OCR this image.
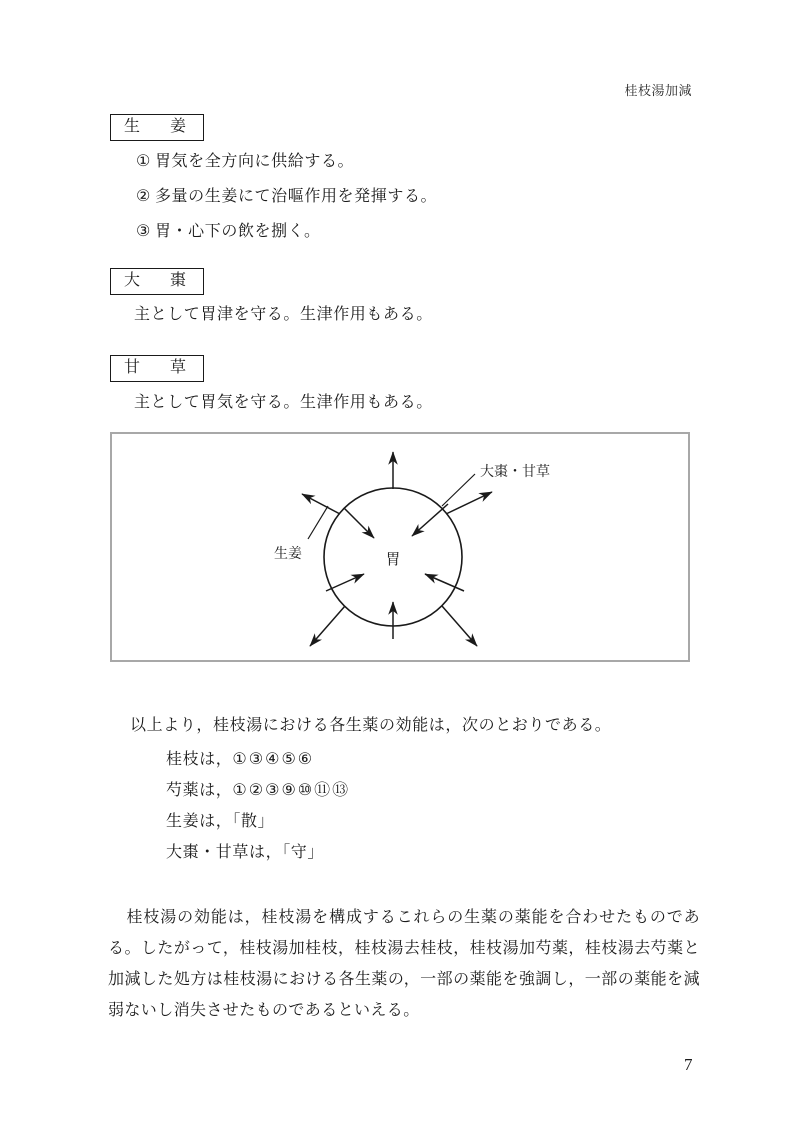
桂枝湯加減
生　姜
① 胃気を全方向に供給する。
② 多量の生姜にて治嘔作用を発揮する。
③ 胃・心下の飲を捌く。
大　棗
主として胃津を守る。生津作用もある。
甘　草
主として胃気を守る。生津作用もある。
胃
生姜
大棗・甘草
以上より，桂枝湯における各生薬の効能は，次のとおりである。
桂枝は，①③④⑤⑥
芍薬は，①②③⑨⑩⑪⑬
生姜は，「散」
大棗・甘草は，「守」
桂枝湯の効能は，桂枝湯を構成するこれらの生薬の薬能を合わせたものである。したがって，桂枝湯加桂枝，桂枝湯去桂枝，桂枝湯加芍薬，桂枝湯去芍薬と加減した処方は桂枝湯における各生薬の，一部の薬能を強調し，一部の薬能を減弱ないし消失させたものであるといえる。
7
